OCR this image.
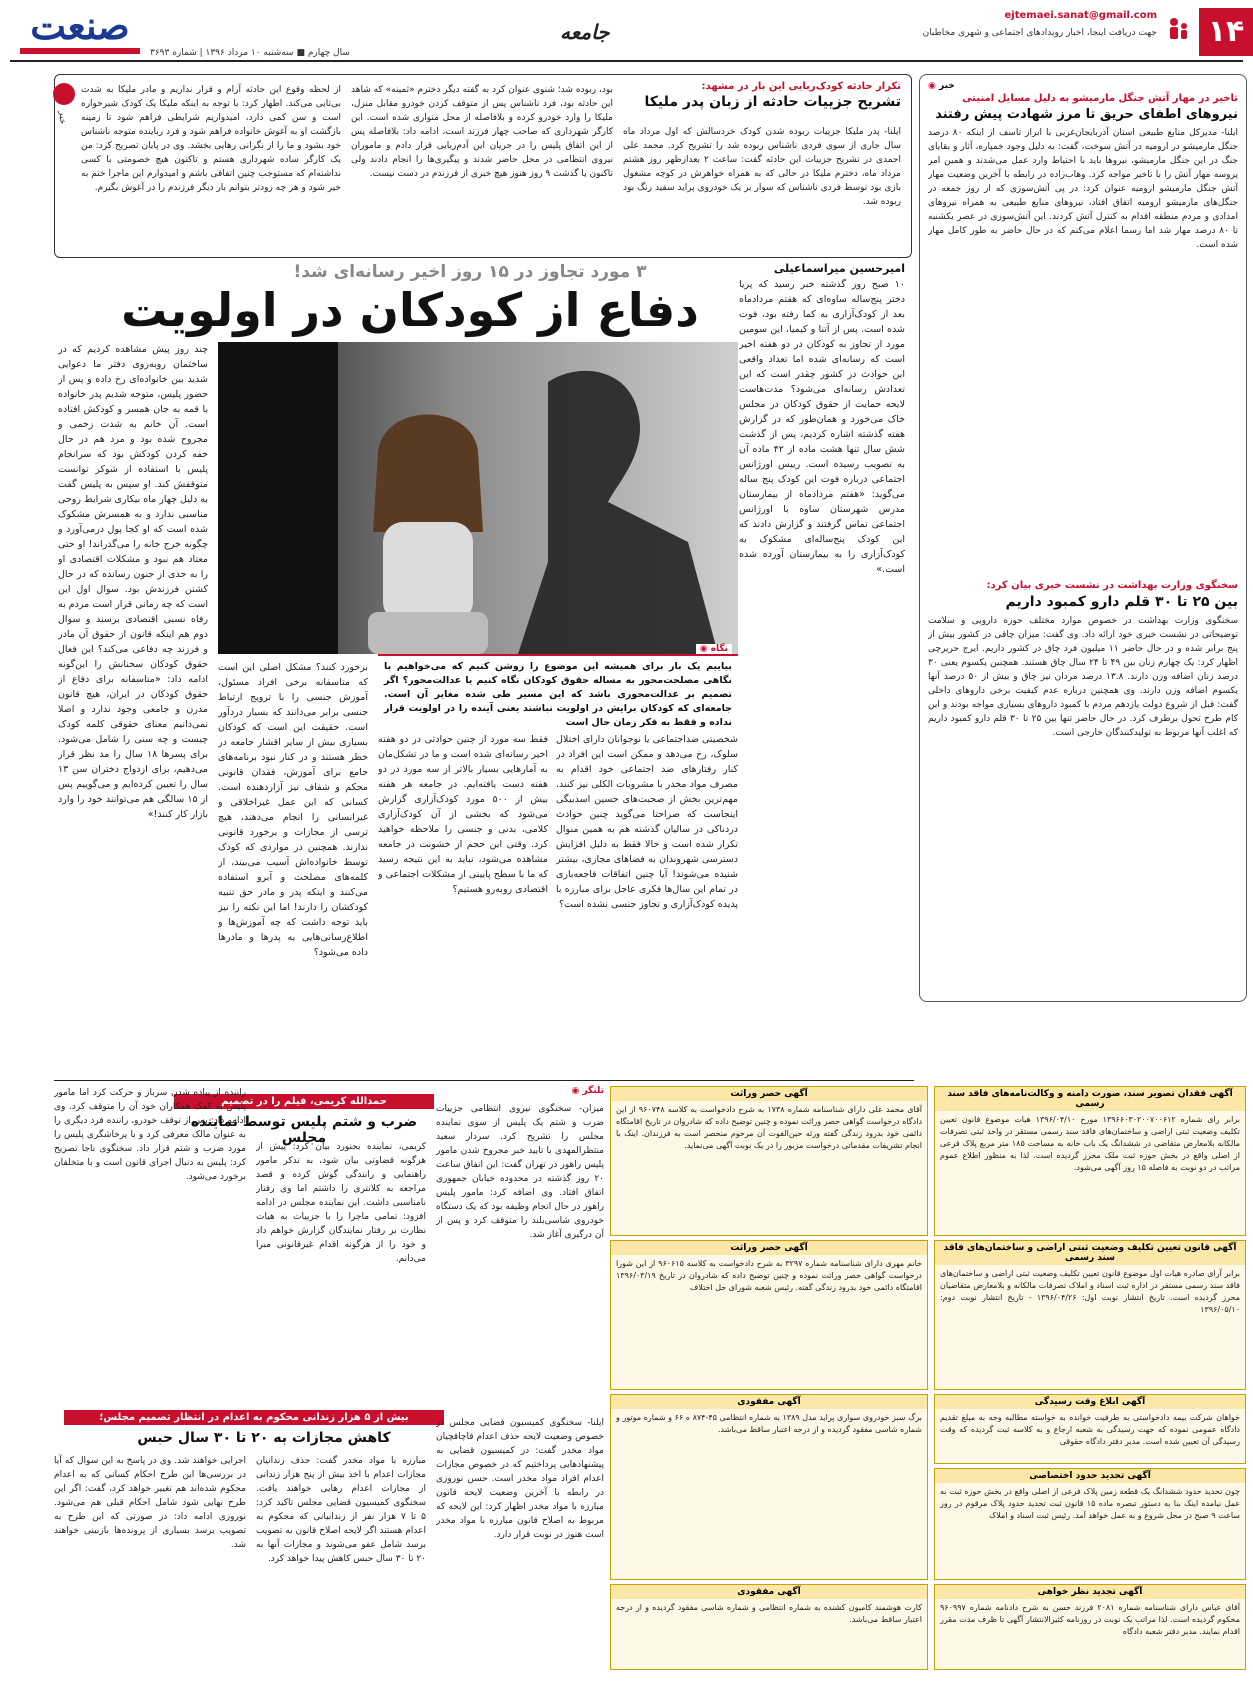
۱۴
ejtemaei.sanat@gmail.com
جهت دریافت اینجا، اخبار رویدادهای اجتماعی و شهری مخاطبان
جامعه
سال چهارم ■ سه‌شنبه ۱۰ مرداد ۱۳۹۶ | شماره ۳۶۹۳
صنعت
خبر ◉
تاخیر در مهار آتش جنگل مارمیشو به دلیل مسایل امنیتی
نیروهای اطفای حریق تا مرز شهادت پیش رفتند
ایلنا- مدیرکل منابع طبیعی استان آذربایجان‌غربی با ابراز تاسف از اینکه ۸۰ درصد جنگل مارمیشو در ارومیه در آتش سوخت، گفت: به دلیل وجود خمپاره، آثار و بقایای جنگ در این جنگل مارمیشو، نیروها باید با احتیاط وارد عمل می‌شدند و همین امر پروسه مهار آتش را با تاخیر مواجه کرد. وهاب‌زاده در رابطه با آخرین وضعیت مهار آتش جنگل مارمیشو ارومیه عنوان کرد: در پی آتش‌سوزی که از روز جمعه در جنگل‌های مارمیشو ارومیه اتفاق افتاد، نیروهای منابع طبیعی به همراه نیروهای امدادی و مردم منطقه اقدام به کنترل آتش کردند. این آتش‌سوزی در عصر یکشنبه تا ۸۰ درصد مهار شد اما رسما اعلام می‌کنم که در حال حاضر به طور کامل مهار شده است.
سخنگوی وزارت بهداشت در نشست خبری بیان کرد:
بین ۲۵ تا ۳۰ قلم دارو کمبود داریم
سخنگوی وزارت بهداشت در خصوص موارد مختلف حوزه دارویی و سلامت توضیحاتی در نشست خبری خود ارائه داد. وی گفت: میزان چاقی در کشور بیش از پنج برابر شده و در حال حاضر ۱۱ میلیون فرد چاق در کشور داریم. ایرج حریرچی اظهار کرد: یک چهارم زنان بین ۴۹ تا ۲۴ سال چاق هستند. همچنین یکسوم یعنی ۳۰ درصد زنان اضافه وزن دارند. ۱۳.۸ درصد مردان نیز چاق و بیش از ۵۰ درصد آنها یکسوم اضافه وزن دارند. وی همچنین درباره عدم کیفیت برخی داروهای داخلی گفت: قبل از شروع دولت یازدهم مردم با کمبود داروهای بسیاری مواجه بودند و این کام طرح تحول برطرف کرد. در حال حاضر تنها بین ۲۵ تا ۳۰ قلم دارو کمبود داریم که اغلب آنها مربوط به تولیدکنندگان خارجی است.
خبر
تکرار حادثه کودک‌ربایی این بار در مشهد:
تشریح جزییات حادثه از زبان پدر ملیکا
ایلنا- پدر ملیکا جزییات ربوده شدن کودک خردسالش که اول مرداد ماه سال جاری از سوی فردی ناشناس ربوده شد را تشریح کرد. محمد علی احمدی در تشریح جزییات این حادثه گفت: ساعت ۲ بعدازظهر روز هشتم مرداد ماه، دخترم ملیکا در حالی که به همراه خواهرش در کوچه مشغول بازی بود توسط فردی ناشناس که سوار بر یک خودروی پراید سفید رنگ بود ربوده شد.
بود، ربوده شد؛ شنوی عنوان کرد به گفته دیگر دخترم «ثمینه» که شاهد این حادثه بود، فرد ناشناس پس از متوقف کردن خودرو مقابل منزل، ملیکا را وارد خودرو کرده و بلافاصله از محل متواری شده است. این کارگر شهرداری که صاحب چهار فرزند است، ادامه داد: بلافاصله پس از این اتفاق پلیس را در جریان این آدم‌ربایی قرار دادم و ماموران نیروی انتظامی در محل حاضر شدند و پیگیری‌ها را انجام دادند ولی تاکنون یا گذشت ۹ روز هنوز هیچ خبری از فرزندم در دست نیست.
از لحظه وقوع این حادثه آرام و قرار نداریم و مادر ملیکا به شدت بی‌تابی می‌کند. اظهار کرد: با توجه به اینکه ملیکا یک کودک شیرخواره است و سن کمی دارد، امیدواریم شرایطی فراهم شود تا زمینه بازگشت او به آغوش خانواده فراهم شود و فرد رباینده متوجه ناشناس خود بشود و ما را از نگرانی رهایی بخشد. وی در پایان تصریح کرد: من یک کارگر ساده شهرداری هستم و تاکنون هیچ خصومتی با کسی نداشته‌ام که مستوجب چنین اتفاقی باشم و امیدوارم این ماجرا ختم به خیر شود و هر چه زودتر بتوانم بار دیگر فرزندم را در آغوش بگیرم.
۳ مورد تجاوز در ۱۵ روز اخیر رسانه‌ای شد!
دفاع از کودکان در اولویت
امیرحسین میراسماعیلی
۱۰ صبح روز گذشته خبر رسید که پریا دختر پنج‌ساله ساوه‌ای که هفتم مردادماه بعد از کودک‌آزاری به کما رفته بود، فوت شده است. پس از آتنا و کیمیا، این سومین مورد از تجاوز به کودکان در دو هفته اخیر است که رسانه‌ای شده اما تعداد واقعی این حوادث در کشور چقدر است که این تعدادش رسانه‌ای می‌شود؟ مدت‌هاست لایحه حمایت از حقوق کودکان در مجلس خاک می‌خورد و همان‌طور که در گزارش هفته گذشته اشاره کردیم، پس از گذشت شش سال تنها هشت ماده از ۴۲ ماده آن به تصویب رسیده است. رییس اورژانس اجتماعی درباره فوت این کودک پنج ساله می‌گوید: «هفتم مردادماه از بیمارستان مدرس شهرستان ساوه با اورژانس اجتماعی تماس گرفتند و گزارش دادند که این کودک پنج‌ساله‌ای مشکوک به کودک‌آزاری را به بیمارستان آورده شده است.»
چند روز پیش مشاهده کردیم که در ساختمان روبه‌روی دفتر ما دعوایی شدید بین خانواده‌ای رخ داده و پس از حضور پلیس، متوجه شدیم پدر خانواده با قمه به جان همسر و کودکش افتاده است. آن خانم به شدت زخمی و مجروح شده بود و مرد هم در حال خفه کردن کودکش بود که سرانجام پلیس با استفاده از شوکر توانست متوقفش کند. او سپس به پلیس گفت به دلیل چهار ماه بیکاری شرایط روحی مناسبی ندارد و به همسرش مشکوک شده است که او کجا پول درمی‌آورد و چگونه خرج خانه را می‌گذراند! او حتی معتاد هم نبود و مشکلات اقتصادی او را به حدی از جنون رسانده که در حال کشتن فرزندش بود. سوال اول این است که چه زمانی قرار است مردم به رفاه نسبی اقتصادی برسند و سوال دوم هم اینکه قانون از حقوق آن مادر و فرزند چه دفاعی می‌کند؟ این فعال حقوق کودکان سخنانش را این‌گونه ادامه داد: «متاسفانه برای دفاع از حقوق کودکان در ایران، هیچ قانون مدرن و جامعی وجود ندارد و اصلا نمی‌دانیم معنای حقوقی کلمه کودک چیست و چه سنی را شامل می‌شود. برای پسرها ۱۸ سال را مد نظر قرار می‌دهیم، برای ازدواج دختران سن ۱۳ سال را تعیین کرده‌ایم و می‌گوییم پس از ۱۵ سالگی هم می‌توانند خود را وارد بازار کار کنند!»
نگاه ◉
بیاییم یک بار برای همیشه این موضوع را روشن کنیم که می‌خواهیم با نگاهی مصلحت‌محور به مساله حقوق کودکان نگاه کنیم یا عدالت‌محور؟ اگر تصمیم بر عدالت‌محوری باشد که این مسیر طی شده مغایر آن است. جامعه‌ای که کودکان برایش در اولویت نباشند یعنی آینده را در اولویت قرار نداده و فقط به فکر زمان حال است
برخورد کنند؟ مشکل اصلی این است که متاسفانه برخی افراد مسئول، آموزش جنسی را با ترویج ارتباط جنسی برابر می‌دانند که بسیار دردآور است. حقیقت این است که کودکان بسیاری بیش از سایر اقشار جامعه در خطر هستند و در کنار نبود برنامه‌های جامع برای آموزش، فقدان قانونی محکم و شفاف نیز آزاردهنده است. کسانی که این عمل غیراخلاقی و غیرانسانی را انجام می‌دهند، هیچ ترسی از مجازات و برخورد قانونی ندارند. همچنین در مواردی که کودک توسط خانواده‌اش آسیب می‌بیند، از کلمه‌های مصلحت و آبرو استفاده می‌کنند و اینکه پدر و مادر حق تنبیه کودکشان را دارند! اما این نکته را نیز باید توجه داشت که چه آموزش‌ها و اطلاع‌رسانی‌هایی به پدرها و مادرها داده می‌شود؟
فقط سه مورد از چنین حوادثی در دو هفته اخیر رسانه‌ای شده است و ما در تشکل‌مان به آمارهایی بسیار بالاتر از سه مورد در دو هفته دست یافته‌ایم. در جامعه هر هفته بیش از ۵۰۰ مورد کودک‌آزاری گزارش می‌شود که بخشی از آن کودک‌آزاری کلامی، بدنی و جنسی را ملاحظه خواهید کرد. وقتی این حجم از خشونت در جامعه مشاهده می‌شود، نباید به این نتیجه رسید که ما با سطح پایینی از مشکلات اجتماعی و اقتصادی روبه‌رو هستیم؟
شخصیتی ضداجتماعی یا نوجوانان دارای اختلال سلوک، رخ می‌دهد و ممکن است این افراد در کنار رفتارهای ضد اجتماعی خود اقدام به مصرف مواد مخدر یا مشروبات الکلی نیز کنند. مهم‌ترین بخش از صحبت‌های حسین اسدبیگی اینجاست که صراحتا می‌گوید چنین حوادث دردناکی در سالیان گذشته هم به همین منوال تکرار شده است و حالا فقط به دلیل افزایش دسترسی شهروندان به فضاهای مجازی، بیشتر شنیده می‌شوند! آیا چنین اتفاقات فاجعه‌باری در تمام این سال‌ها فکری عاجل برای مبارزه با پدیده کودک‌آزاری و تجاوز جنسی نشده است؟
تلنگر ◉
حمدالله کریمی، فیلم را در تصمیم
ضرب و شتم پلیس توسط نماینده مجلس
میزان- سخنگوی نیروی انتظامی جزییات ضرب و شتم یک پلیس از سوی نماینده مجلس را تشریح کرد. سردار سعید منتظرالمهدی با تایید خبر مجروح شدن مامور پلیس راهور در تهران گفت: این اتفاق ساعت ۲۰ روز گذشته در محدوده خیابان جمهوری اتفاق افتاد. وی اضافه کرد: مامور پلیس راهور در حال انجام وظیفه بود که یک دستگاه خودروی شاسی‌بلند را متوقف کرد و پس از آن درگیری آغاز شد.
کریمی، نماینده بجنورد بیان کرد: پیش از هرگونه قضاوتی بیان شود، به تذکر مامور راهنمایی و رانندگی گوش کرده و قصد مراجعه به کلانتری را داشتم اما وی رفتار نامناسبی داشت. این نماینده مجلس در ادامه افزود: تمامی ماجرا را با جزییات به هیات نظارت بر رفتار نمایندگان گزارش خواهم داد و خود را از هرگونه اقدام غیرقانونی مبرا می‌دانم.
راننده از پیاده شدن سرباز و حرکت کرد اما مامور پلیس به کمک همکاران خود آن را متوقف کرد. وی ادامه داد: پس از توقف خودرو، راننده فرد دیگری را به عنوان مالک معرفی کرد و با پرخاشگری پلیس را مورد ضرب و شتم قرار داد. سخنگوی ناجا تصریح کرد: پلیس به دنبال اجرای قانون است و با متخلفان برخورد می‌شود.
بیش از ۵ هزار زندانی محکوم به اعدام در انتظار تصمیم مجلس؛
کاهش مجازات به ۲۰ تا ۳۰ سال حبس
ایلنا- سخنگوی کمیسیون قضایی مجلس در خصوص وضعیت لایحه حذف اعدام قاچاقچیان مواد مخدر گفت: در کمیسیون قضایی به پیشنهادهایی پرداختیم که در خصوص مجازات اعدام افراد مواد مخدر است. حسن نوروزی در رابطه با آخرین وضعیت لایحه قانون مبارزه با مواد مخدر اظهار کرد: این لایحه که مربوط به اصلاح قانون مبارزه با مواد مخدر است هنوز در نوبت قرار دارد.
مبارزه با مواد مخدر گفت: حذف زندانیان مجازات اعدام با اخذ بیش از پنج هزار زندانی از مجازات اعدام رهایی خواهند یافت. سخنگوی کمیسیون قضایی مجلس تاکید کرد: ۵ تا ۷ هزار نفر از زندانیانی که محکوم به اعدام هستند اگر لایحه اصلاح قانون به تصویب برسد شامل عفو می‌شوند و مجازات آنها به ۲۰ تا ۳۰ سال حبس کاهش پیدا خواهد کرد.
اجرایی خواهند شد. وی در پاسخ به این سوال که آیا در بررسی‌ها این طرح احکام کسانی که به اعدام محکوم شده‌اند هم تغییر خواهد کرد، گفت: اگر این طرح نهایی شود شامل احکام قبلی هم می‌شود. نوروزی ادامه داد: در صورتی که این طرح به تصویب برسد بسیاری از پرونده‌ها بازبینی خواهند شد.
آگهی فقدان تصویر سند، صورت دامنه و وکالت‌نامه‌های فاقد سند رسمی
برابر رای شماره ۱۳۹۶۶۰۳۰۲۰۰۷۰۰۶۱۲ مورخ ۱۳۹۶/۰۴/۱۰ هیات موضوع قانون تعیین تکلیف وضعیت ثبتی اراضی و ساختمان‌های فاقد سند رسمی مستقر در واحد ثبتی تصرفات مالکانه بلامعارض متقاضی در ششدانگ یک باب خانه به مساحت ۱۸۵ متر مربع پلاک فرعی از اصلی واقع در بخش حوزه ثبت ملک محرز گردیده است. لذا به منظور اطلاع عموم مراتب در دو نوبت به فاصله ۱۵ روز آگهی می‌شود.
آگهی قانون تعیین تکلیف وضعیت ثبتی اراضی و ساختمان‌های فاقد سند رسمی
برابر آرای صادره هیات اول موضوع قانون تعیین تکلیف وضعیت ثبتی اراضی و ساختمان‌های فاقد سند رسمی مستقر در اداره ثبت اسناد و املاک تصرفات مالکانه و بلامعارض متقاضیان محرز گردیده است. تاریخ انتشار نوبت اول: ۱۳۹۶/۰۴/۲۶ - تاریخ انتشار نوبت دوم: ۱۳۹۶/۰۵/۱۰
آگهی ابلاغ وقت رسیدگی
خواهان شرکت بیمه دادخواستی به طرفیت خوانده به خواسته مطالبه وجه به مبلغ تقدیم دادگاه عمومی نموده که جهت رسیدگی به شعبه ارجاع و به کلاسه ثبت گردیده که وقت رسیدگی آن تعیین شده است. مدیر دفتر دادگاه حقوقی
آگهی تحدید حدود اختصاصی
چون تحدید حدود ششدانگ یک قطعه زمین پلاک فرعی از اصلی واقع در بخش حوزه ثبت به عمل نیامده اینک بنا به دستور تبصره ماده ۱۵ قانون ثبت تحدید حدود پلاک مرقوم در روز ساعت ۹ صبح در محل شروع و به عمل خواهد آمد. رئیس ثبت اسناد و املاک
آگهی تجدید نظر خواهی
آقای عباس دارای شناسنامه شماره ۲۰۸۱ فرزند حسن به شرح دادنامه شماره ۹۶۰۹۹۷ محکوم گردیده است. لذا مراتب یک نوبت در روزنامه کثیرالانتشار آگهی تا ظرف مدت مقرر اقدام نمایند. مدیر دفتر شعبه دادگاه
آگهی حصر وراثت
آقای محمد علی دارای شناسنامه شماره ۱۷۳۸ به شرح دادخواست به کلاسه ۹۶۰۷۴۸ از این دادگاه درخواست گواهی حصر وراثت نموده و چنین توضیح داده که شادروان در تاریخ اقامتگاه دائمی خود بدرود زندگی گفته ورثه حین‌الفوت آن مرحوم منحصر است به فرزندان. اینک با انجام تشریفات مقدماتی درخواست مزبور را در یک نوبت آگهی می‌نماید.
آگهی حصر وراثت
خانم مهری دارای شناسنامه شماره ۳۲۹۷ به شرح دادخواست به کلاسه ۹۶۰۶۱۵ از این شورا درخواست گواهی حصر وراثت نموده و چنین توضیح داده که شادروان در تاریخ ۱۳۹۶/۰۳/۱۹ اقامتگاه دائمی خود بدرود زندگی گفته. رئیس شعبه شورای حل اختلاف
آگهی مفقودی
برگ سبز خودروی سواری پراید مدل ۱۳۸۹ به شماره انتظامی ۴۵-۸۷۴ ه ۶۶ و شماره موتور و شماره شاسی مفقود گردیده و از درجه اعتبار ساقط می‌باشد.
آگهی مفقودی
کارت هوشمند کامیون کشنده به شماره انتظامی و شماره شاسی مفقود گردیده و از درجه اعتبار ساقط می‌باشد.
